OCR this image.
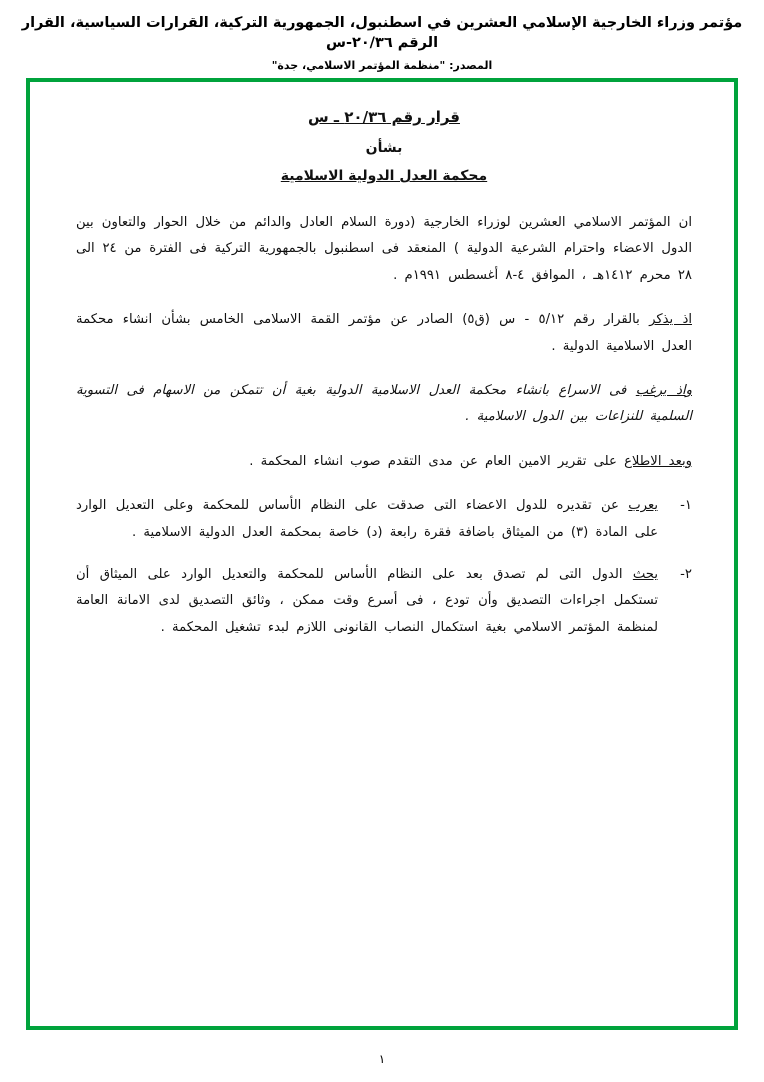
مؤتمر وزراء الخارجية الإسلامي العشرين في اسطنبول، الجمهورية التركية، القرارات السياسية، القرار الرقم ٢٠/٣٦-س
المصدر: "منظمة المؤتمر الاسلامي، جدة"
قرار رقم ٢٠/٣٦ ـ س
بشأن
محكمة العدل الدولية الاسلامية
ان المؤتمر الاسلامي العشرين لوزراء الخارجية (دورة السلام العادل والدائم من خلال الحوار والتعاون بين الدول الاعضاء واحترام الشرعية الدولية ) المنعقد فى اسطنبول بالجمهورية التركية فى الفترة من ٢٤ الى ٢٨ محرم ١٤١٢هـ ، الموافق ٤-٨ أغسطس ١٩٩١م .
اذ يذكر بالقرار رقم ٥/١٢ - س (ق٥) الصادر عن مؤتمر القمة الاسلامى الخامس بشأن انشاء محكمة العدل الاسلامية الدولية .
واذ يرغب فى الاسراع بانشاء محكمة العدل الاسلامية الدولية بغية أن تتمكن من الاسهام فى التسوية السلمية للنزاعات بين الدول الاسلامية .
وبعد الاطلاع على تقرير الامين العام عن مدى التقدم صوب انشاء المحكمة .
١-
يعرب عن تقديره للدول الاعضاء التى صدقت على النظام الأساس للمحكمة وعلى التعديل الوارد على المادة (٣) من الميثاق باضافة فقرة رابعة (د) خاصة بمحكمة العدل الدولية الاسلامية .
٢-
يحث الدول التى لم تصدق بعد على النظام الأساس للمحكمة والتعديل الوارد على الميثاق أن تستكمل اجراءات التصديق وأن تودع ، فى أسرع وقت ممكن ، وثائق التصديق لدى الامانة العامة لمنظمة المؤتمر الاسلامي بغية استكمال النصاب القانونى اللازم لبدء تشغيل المحكمة .
١
